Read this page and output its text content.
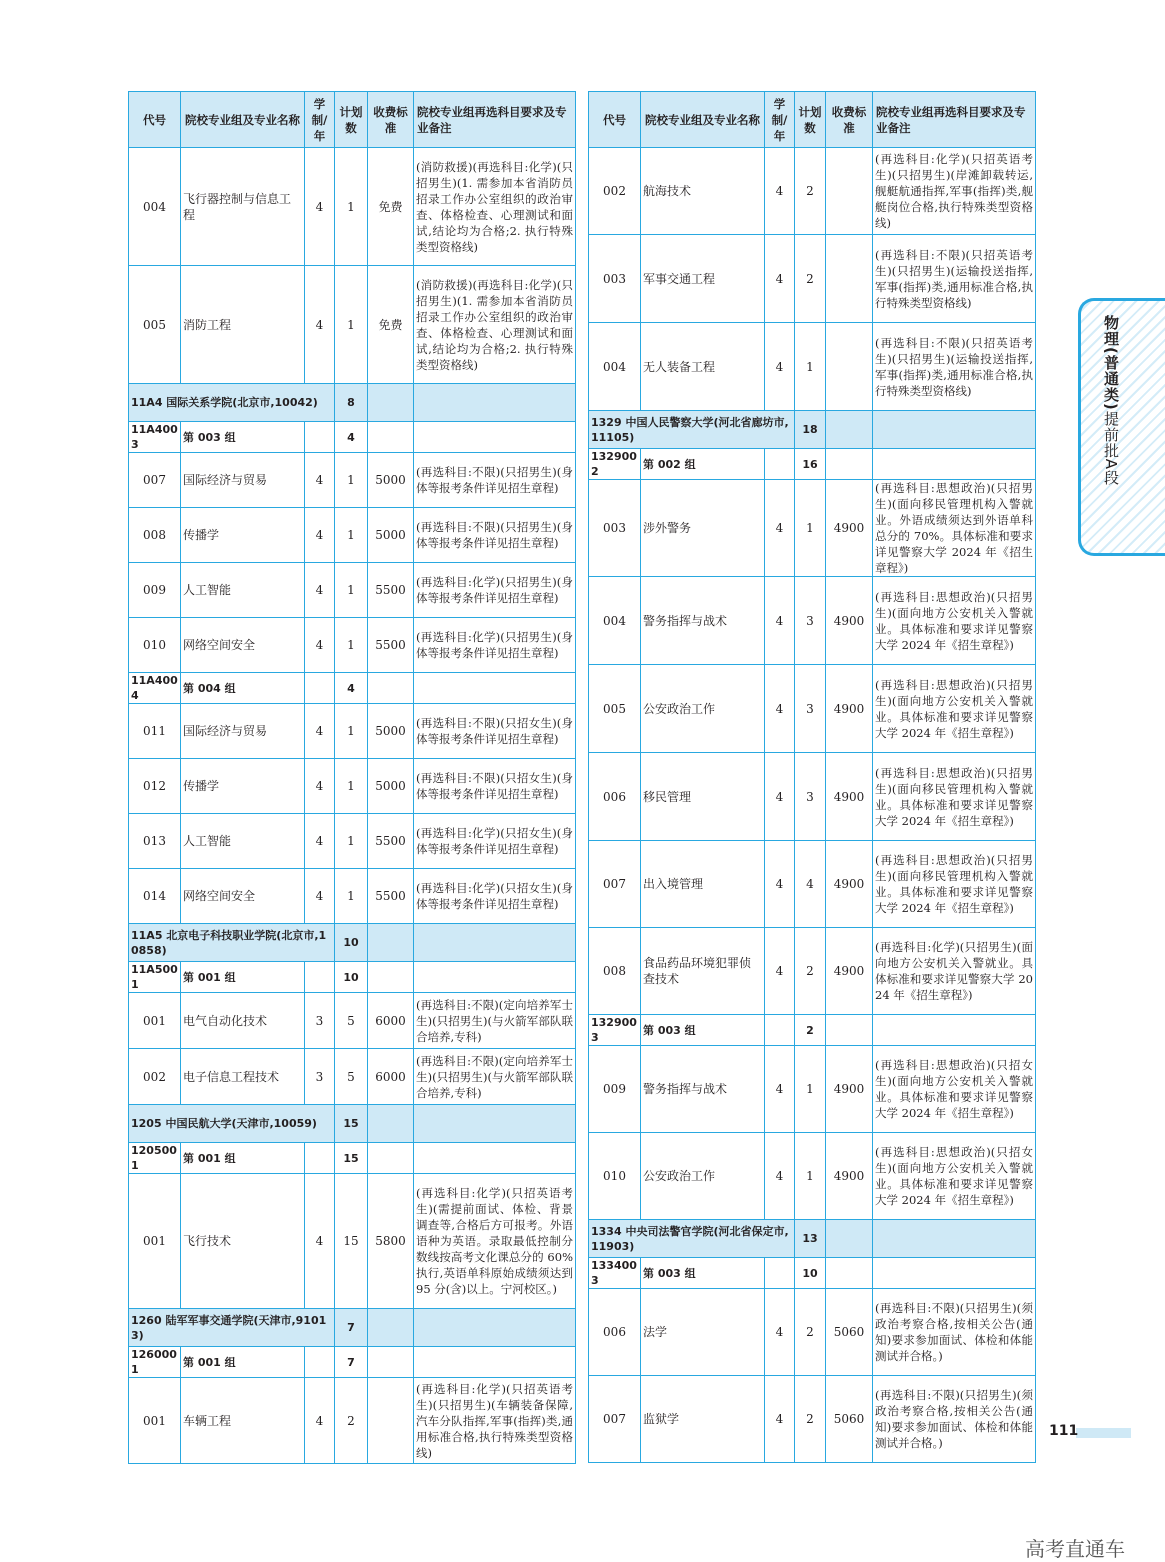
代号	院校专业组及专业名称	学制/年	计划数	收费标准	院校专业组再选科目要求及专业备注
004	飞行器控制与信息工程	4	1	免费	(消防救援)(再选科目:化学)(只招男生)(1. 需参加本省消防员招录工作办公室组织的政治审查、体格检查、心理测试和面试,结论均为合格;2. 执行特殊类型资格线)
005	消防工程	4	1	免费	(消防救援)(再选科目:化学)(只招男生)(1. 需参加本省消防员招录工作办公室组织的政治审查、体格检查、心理测试和面试,结论均为合格;2. 执行特殊类型资格线)
11A4 国际关系学院(北京市,10042)			8		
11A4003	第 003 组		4		
007	国际经济与贸易	4	1	5000	(再选科目:不限)(只招男生)(身体等报考条件详见招生章程)
008	传播学	4	1	5000	(再选科目:不限)(只招男生)(身体等报考条件详见招生章程)
009	人工智能	4	1	5500	(再选科目:化学)(只招男生)(身体等报考条件详见招生章程)
010	网络空间安全	4	1	5500	(再选科目:化学)(只招男生)(身体等报考条件详见招生章程)
11A4004	第 004 组		4		
011	国际经济与贸易	4	1	5000	(再选科目:不限)(只招女生)(身体等报考条件详见招生章程)
012	传播学	4	1	5000	(再选科目:不限)(只招女生)(身体等报考条件详见招生章程)
013	人工智能	4	1	5500	(再选科目:化学)(只招女生)(身体等报考条件详见招生章程)
014	网络空间安全	4	1	5500	(再选科目:化学)(只招女生)(身体等报考条件详见招生章程)
11A5 北京电子科技职业学院(北京市,10858)			10		
11A5001	第 001 组		10		
001	电气自动化技术	3	5	6000	(再选科目:不限)(定向培养军士生)(只招男生)(与火箭军部队联合培养,专科)
002	电子信息工程技术	3	5	6000	(再选科目:不限)(定向培养军士生)(只招男生)(与火箭军部队联合培养,专科)
1205 中国民航大学(天津市,10059)			15		
1205001	第 001 组		15		
001	飞行技术	4	15	5800	(再选科目:化学)(只招英语考生)(需提前面试、体检、背景调查等,合格后方可报考。外语语种为英语。录取最低控制分数线按高考文化课总分的 60% 执行,英语单科原始成绩须达到 95 分(含)以上。宁河校区。)
1260 陆军军事交通学院(天津市,91013)			7		
1260001	第 001 组		7		
001	车辆工程	4	2		(再选科目:化学)(只招英语考生)(只招男生)(车辆装备保障,汽车分队指挥,军事(指挥)类,通用标准合格,执行特殊类型资格线)
代号	院校专业组及专业名称	学制/年	计划数	收费标准	院校专业组再选科目要求及专业备注
002	航海技术	4	2		(再选科目:化学)(只招英语考生)(只招男生)(岸滩卸载转运,舰艇航通指挥,军事(指挥)类,舰艇岗位合格,执行特殊类型资格线)
003	军事交通工程	4	2		(再选科目:不限)(只招英语考生)(只招男生)(运输投送指挥,军事(指挥)类,通用标准合格,执行特殊类型资格线)
004	无人装备工程	4	1		(再选科目:不限)(只招英语考生)(只招男生)(运输投送指挥,军事(指挥)类,通用标准合格,执行特殊类型资格线)
1329 中国人民警察大学(河北省廊坊市,11105)			18		
1329002	第 002 组		16		
003	涉外警务	4	1	4900	(再选科目:思想政治)(只招男生)(面向移民管理机构入警就业。外语成绩须达到外语单科总分的 70%。具体标准和要求详见警察大学 2024 年《招生章程》)
004	警务指挥与战术	4	3	4900	(再选科目:思想政治)(只招男生)(面向地方公安机关入警就业。具体标准和要求详见警察大学 2024 年《招生章程》)
005	公安政治工作	4	3	4900	(再选科目:思想政治)(只招男生)(面向地方公安机关入警就业。具体标准和要求详见警察大学 2024 年《招生章程》)
006	移民管理	4	3	4900	(再选科目:思想政治)(只招男生)(面向移民管理机构入警就业。具体标准和要求详见警察大学 2024 年《招生章程》)
007	出入境管理	4	4	4900	(再选科目:思想政治)(只招男生)(面向移民管理机构入警就业。具体标准和要求详见警察大学 2024 年《招生章程》)
008	食品药品环境犯罪侦查技术	4	2	4900	(再选科目:化学)(只招男生)(面向地方公安机关入警就业。具体标准和要求详见警察大学 2024 年《招生章程》)
1329003	第 003 组		2		
009	警务指挥与战术	4	1	4900	(再选科目:思想政治)(只招女生)(面向地方公安机关入警就业。具体标准和要求详见警察大学 2024 年《招生章程》)
010	公安政治工作	4	1	4900	(再选科目:思想政治)(只招女生)(面向地方公安机关入警就业。具体标准和要求详见警察大学 2024 年《招生章程》)
1334 中央司法警官学院(河北省保定市,11903)			13		
1334003	第 003 组		10		
006	法学	4	2	5060	(再选科目:不限)(只招男生)(须政治考察合格,按相关公告(通知)要求参加面试、体检和体能测试并合格。)
007	监狱学	4	2	5060	(再选科目:不限)(只招男生)(须政治考察合格,按相关公告(通知)要求参加面试、体检和体能测试并合格。)
物理(普通类)提前批A段
111
高考直通车
